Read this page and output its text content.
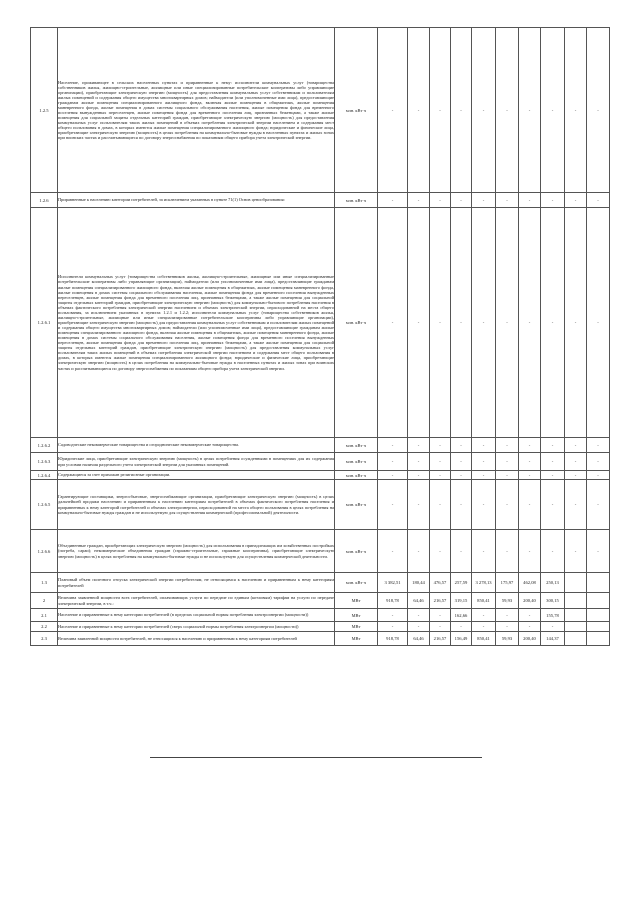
1.2.5	Население, проживающее в сельских населенных пунктах и приравненные к нему: исполнители коммунальных услуг (товарищества собственников жилья, жилищно-строительные, жилищные или иные специализированные потребительские кооперативы либо управляющие организации), приобретающие электрическую энергию (мощность) для предоставления коммунальных услуг собственникам и пользователям жилых помещений и содержания общего имущества многоквартирных домов; наймодатели (или уполномоченные ими лица), предоставляющие гражданам жилые помещения специализированного жилищного фонда, включая жилые помещения в общежитиях, жилые помещения маневренного фонда, жилые помещения в домах системы социального обслуживания населения, жилые помещения фонда для временного поселения вынужденных переселенцев, жилые помещения фонда для временного поселения лиц, признанных беженцами, а также жилые помещения для социальной защиты отдельных категорий граждан, приобретающие электрическую энергию (мощность) для предоставления коммунальных услуг пользователям таких жилых помещений в объемах потребления электрической энергии населением и содержания мест общего пользования в домах, в которых имеются жилые помещения специализированного жилищного фонда; юридические и физические лица, приобретающие электрическую энергию (мощность) в целях потребления на коммунально-бытовые нужды в населенных пунктах и жилых зонах при воинских частях и рассчитывающиеся по договору энергоснабжения по показаниям общего прибора учета электрической энергии.	млн. кВт·ч	-	-	-	-	-	-	-	-	-	-
1.2.6	Приравненные к населению категории потребителей, за исключением указанных в пункте 71(1) Основ ценообразования:	млн. кВт·ч	-	-	-	-	-	-	-	-	-	-
1.2.6.1	Исполнители коммунальных услуг (товарищества собственников жилья, жилищно-строительные, жилищные или иные специализированные потребительские кооперативы либо управляющие организации), наймодатели (или уполномоченные ими лица), предоставляющие гражданам жилые помещения специализированного жилищного фонда, включая жилые помещения в общежитиях, жилые помещения маневренного фонда, жилые помещения в домах системы социального обслуживания населения, жилые помещения фонда для временного поселения вынужденных переселенцев, жилые помещения фонда для временного поселения лиц, признанных беженцами, а также жилые помещения для социальной защиты отдельных категорий граждан, приобретающие электрическую энергию (мощность) для коммунально-бытового потребления населения в объемах фактического потребления электрической энергии населением и объемах электрической энергии, израсходованной на места общего пользования, за исключением указанных в пунктах 1.2.1 и 1.2.2; исполнители коммунальных услуг (товарищества собственников жилья, жилищно-строительные, жилищные или иные специализированные потребительские кооперативы либо управляющие организации), приобретающие электрическую энергию (мощность) для предоставления коммунальных услуг собственникам и пользователям жилых помещений и содержания общего имущества многоквартирных домов; наймодатели (или уполномоченные ими лица), предоставляющие гражданам жилые помещения специализированного жилищного фонда, включая жилые помещения в общежитиях, жилые помещения маневренного фонда, жилые помещения в домах системы социального обслуживания населения, жилые помещения фонда для временного поселения вынужденных переселенцев, жилые помещения фонда для временного поселения лиц, признанных беженцами, а также жилые помещения для социальной защиты отдельных категорий граждан, приобретающие электрическую энергию (мощность) для предоставления коммунальных услуг пользователям таких жилых помещений в объемах потребления электрической энергии населением и содержания мест общего пользования в домах, в которых имеются жилые помещения специализированного жилищного фонда; юридические и физические лица, приобретающие электрическую энергию (мощность) в целях потребления на коммунально-бытовые нужды в населенных пунктах и жилых зонах при воинских частях и рассчитывающиеся по договору энергоснабжения по показаниям общего прибора учета электрической энергии.	млн. кВт·ч	-	-	-	-	-	-	-	-	-	-
1.2.6.2	Садоводческие некоммерческие товарищества и огороднические некоммерческие товарищества.	млн. кВт·ч	-	-	-	-	-	-	-	-	-	-
1.2.6.3	Юридические лица, приобретающие электрическую энергию (мощность) в целях потребления осужденными в помещениях для их содержания при условии наличия раздельного учета электрической энергии для указанных помещений.	млн. кВт·ч	-	-	-	-	-	-	-	-	-	-
1.2.6.4	Содержащиеся за счет прихожан религиозные организации.	млн. кВт·ч	-	-	-	-	-	-	-	-	-	-
1.2.6.5	Гарантирующие поставщики, энергосбытовые, энергоснабжающие организации, приобретающие электрическую энергию (мощность) в целях дальнейшей продажи населению и приравненным к населению категориям потребителей в объемах фактического потребления населения и приравненных к нему категорий потребителей и объемах электроэнергии, израсходованной на места общего пользования в целях потребления на коммунально-бытовые нужды граждан и не используемую для осуществления коммерческой (профессиональной) деятельности.	млн. кВт·ч	-	-	-	-	-	-	-	-	-	-
1.2.6.6	Объединенные граждан, приобретающих электрическую энергию (мощность) для использования в принадлежащих им хозяйственных постройках (погреба, сараи); некоммерческие объединения граждан (гаражно-строительные, гаражные кооперативы), приобретающие электрическую энергию (мощность) в целях потребления на коммунально-бытовые нужды и не используемую для осуществления коммерческой деятельности.	млн. кВт·ч	-	-	-	-	-	-	-	-	-	-
1.3	Плановый объем полезного отпуска электрической энергии потребителям, не относящимся к населению и приравненным к нему категориям потребителей	млн. кВт·ч	3 382,51	180,44	476,57	257,59	3 278,13	175,97	462,08	250,13		
2	Величина заявленной мощности всех потребителей, оплачивающих услуги по передаче по единым (котловым) тарифам на услуги по передаче электрической энергии, в т.ч.:	МВт	918,78	64,46	216,57	319,15	850,41	59,93	200,40	300,15		
2.1	Население и приравненные к нему категории потребителей (в пределах социальной нормы потребления электроэнергии (мощности))	МВт	-	-	-	162,66	-	-	-	155,78		
2.2	Население и приравненные к нему категории потребителей (сверх социальной нормы потребления электроэнергии (мощности))	МВт	-	-	-	-	-	-	-	-		
2.3	Величина заявленной мощности потребителей, не относящихся к населению и приравненным к нему категориям потребителей	МВт	918,78	64,46	216,57	156,49	850,41	59,93	200,40	144,37		
